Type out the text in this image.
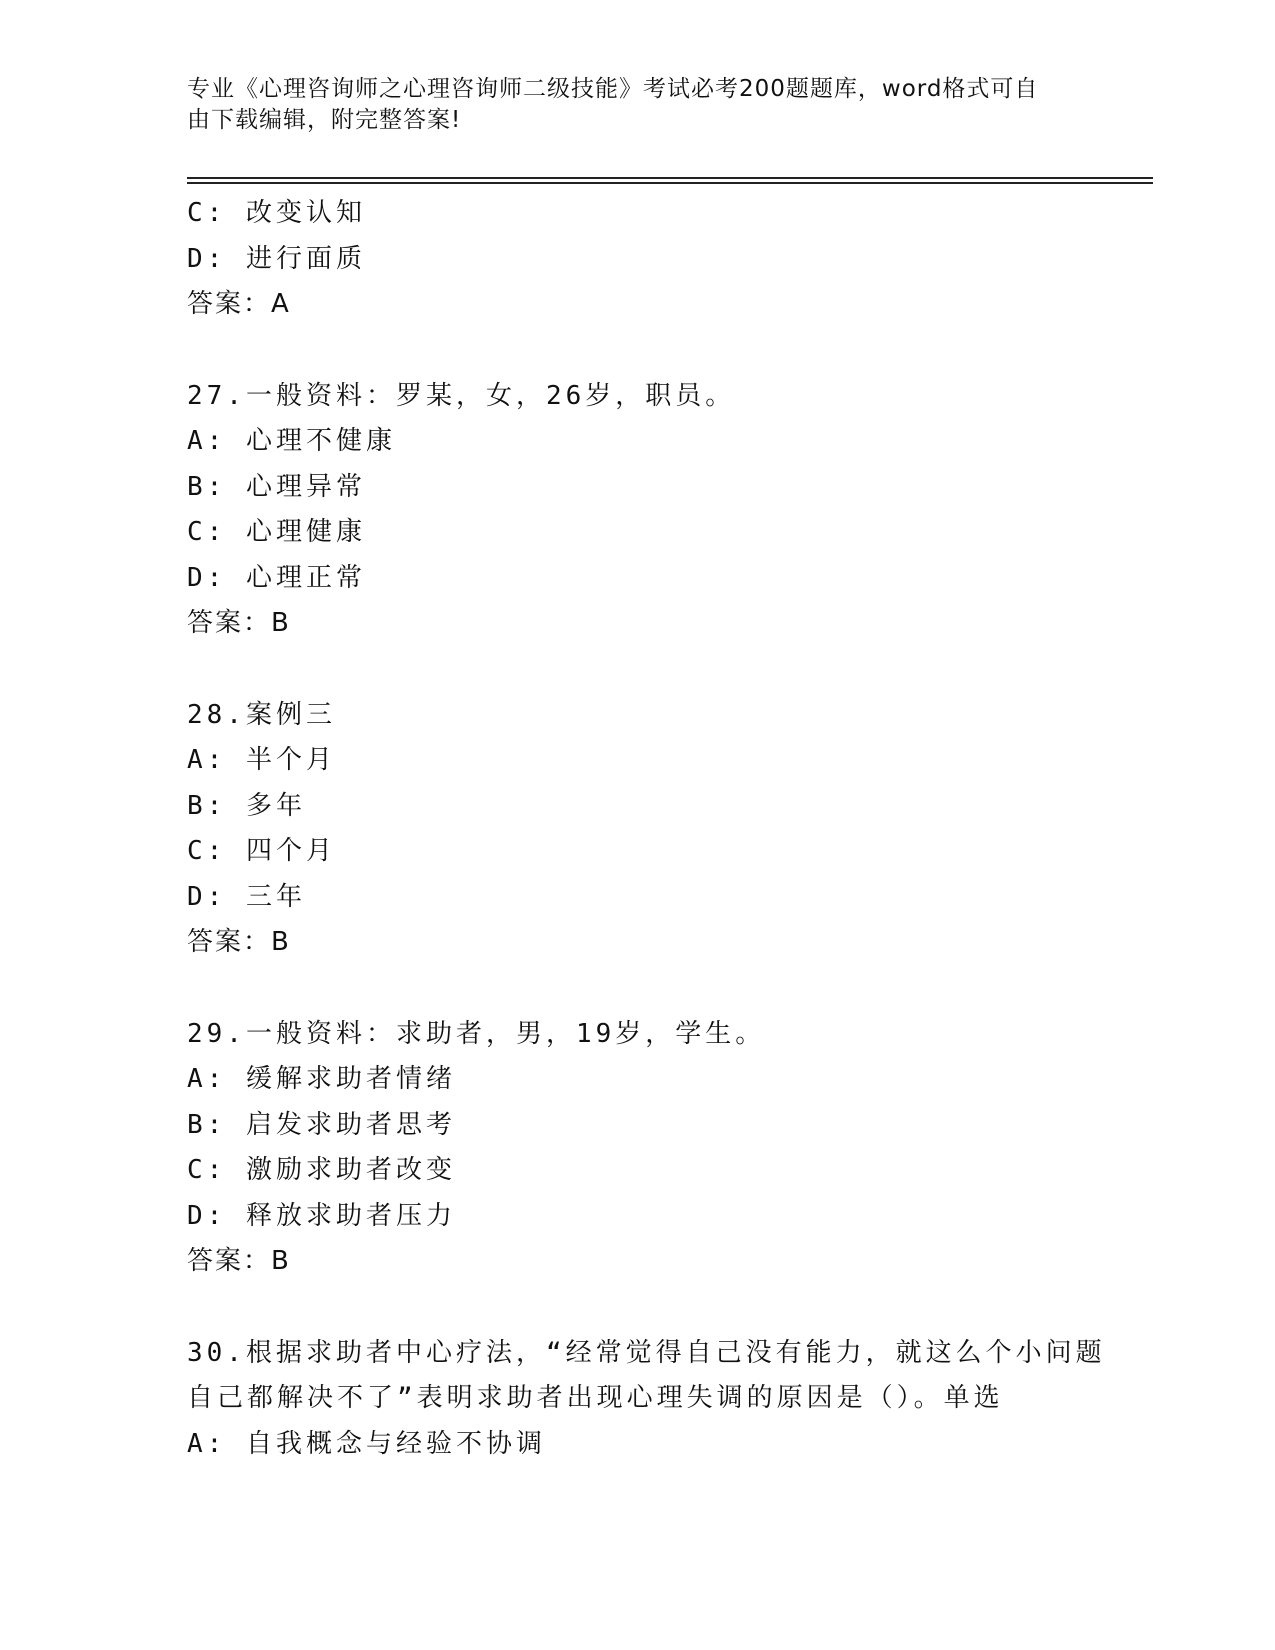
专业《心理咨询师之心理咨询师二级技能》考试必考200题题库，word格式可自
由下载编辑，附完整答案!
C: 改变认知
D: 进行面质
答案：A
27.一般资料：罗某，女，26岁，职员。
A: 心理不健康
B: 心理异常
C: 心理健康
D: 心理正常
答案：B
28.案例三
A: 半个月
B: 多年
C: 四个月
D: 三年
答案：B
29.一般资料：求助者，男，19岁，学生。
A: 缓解求助者情绪
B: 启发求助者思考
C: 激励求助者改变
D: 释放求助者压力
答案：B
30.根据求助者中心疗法，“经常觉得自己没有能力，就这么个小问题
自己都解决不了”表明求助者出现心理失调的原因是（）。单选
A: 自我概念与经验不协调
